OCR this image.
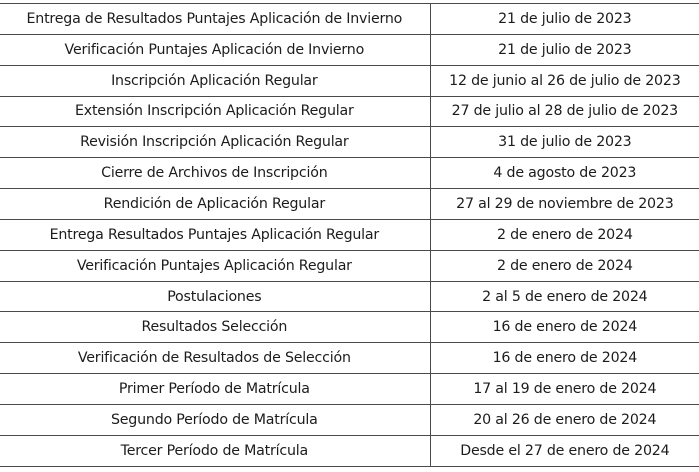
Entrega de Resultados Puntajes Aplicación de Invierno	21 de julio de 2023
Verificación Puntajes Aplicación de Invierno	21 de julio de 2023
Inscripción Aplicación Regular	12 de junio al 26 de julio de 2023
Extensión Inscripción Aplicación Regular	27 de julio al 28 de julio de 2023
Revisión Inscripción Aplicación Regular	31 de julio de 2023
Cierre de Archivos de Inscripción	4 de agosto de 2023
Rendición de Aplicación Regular	27 al 29 de noviembre de 2023
Entrega Resultados Puntajes Aplicación Regular	2 de enero de 2024
Verificación Puntajes Aplicación Regular	2 de enero de 2024
Postulaciones	2 al 5 de enero de 2024
Resultados Selección	16 de enero de 2024
Verificación de Resultados de Selección	16 de enero de 2024
Primer Período de Matrícula	17 al 19 de enero de 2024
Segundo Período de Matrícula	20 al 26 de enero de 2024
Tercer Período de Matrícula	Desde el 27 de enero de 2024
